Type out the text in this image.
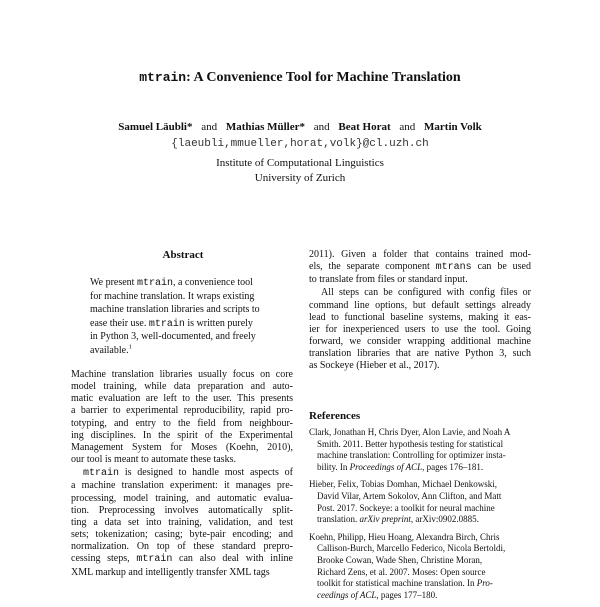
mtrain: A Convenience Tool for Machine Translation
Samuel Läubli* and Mathias Müller* and Beat Horat and Martin Volk
{laeubli,mmueller,horat,volk}@cl.uzh.ch
Institute of Computational Linguistics
University of Zurich
Abstract
We present mtrain, a convenience tool
for machine translation. It wraps existing
machine translation libraries and scripts to
ease their use. mtrain is written purely
in Python 3, well-documented, and freely
available.$^1$
Machine translation libraries usually focus on core
model training, while data preparation and auto-
matic evaluation are left to the user. This presents
a barrier to experimental reproducibility, rapid pro-
totyping, and entry to the field from neighbour-
ing disciplines. In the spirit of the Experimental
Management System for Moses (Koehn, 2010),
our tool is meant to automate these tasks.
mtrain is designed to handle most aspects of
a machine translation experiment: it manages pre-
processing, model training, and automatic evalua-
tion. Preprocessing involves automatically split-
ting a data set into training, validation, and test
sets; tokenization; casing; byte-pair encoding; and
normalization. On top of these standard prepro-
cessing steps, mtrain can also deal with inline
XML markup and intelligently transfer XML tags
2011). Given a folder that contains trained mod-
els, the separate component mtrans can be used
to translate from files or standard input.
All steps can be configured with config files or
command line options, but default settings already
lead to functional baseline systems, making it eas-
ier for inexperienced users to use the tool. Going
forward, we consider wrapping additional machine
translation libraries that are native Python 3, such
as Sockeye (Hieber et al., 2017).
References
Clark, Jonathan H, Chris Dyer, Alon Lavie, and Noah A
Smith. 2011. Better hypothesis testing for statistical
machine translation: Controlling for optimizer insta-
bility. In Proceedings of ACL, pages 176–181.
Hieber, Felix, Tobias Domhan, Michael Denkowski,
David Vilar, Artem Sokolov, Ann Clifton, and Matt
Post. 2017. Sockeye: a toolkit for neural machine
translation. arXiv preprint, arXiv:0902.0885.
Koehn, Philipp, Hieu Hoang, Alexandra Birch, Chris
Callison-Burch, Marcello Federico, Nicola Bertoldi,
Brooke Cowan, Wade Shen, Christine Moran,
Richard Zens, et al. 2007. Moses: Open source
toolkit for statistical machine translation. In Pro-
ceedings of ACL, pages 177–180.
